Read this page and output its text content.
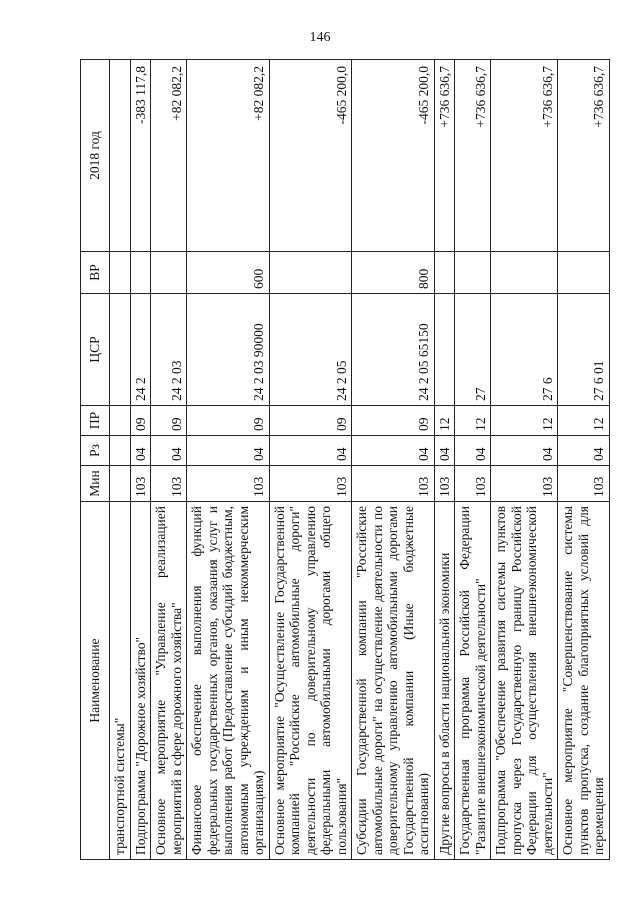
146
Наименование	Мин	Рз	ПР	ЦСР	ВР	2018 год
транспортной системы"						
Подпрограмма "Дорожное хозяйство"	103	04	09	24 2		-383 117,8
Основное мероприятие "Управление реализацией мероприятий в сфере дорожного хозяйства"	103	04	09	24 2 03		+82 082,2
Финансовое обеспечение выполнения функций федеральных государственных органов, оказания услуг и выполнения работ (Предоставление субсидий бюджетным, автономным учреждениям и иным некоммерческим организациям)	103	04	09	24 2 03 90000	600	+82 082,2
Основное мероприятие "Осуществление Государственной компанией "Российские автомобильные дороги" деятельности по доверительному управлению федеральными автомобильными дорогами общего пользования"	103	04	09	24 2 05		-465 200,0
Субсидии Государственной компании "Российские автомобильные дороги" на осуществление деятельности по доверительному управлению автомобильными дорогами Государственной компании (Иные бюджетные ассигнования)	103	04	09	24 2 05 65150	800	-465 200,0
Другие вопросы в области национальной экономики	103	04	12			+736 636,7
Государственная программа Российской Федерации "Развитие внешнеэкономической деятельности"	103	04	12	27		+736 636,7
Подпрограмма "Обеспечение развития системы пунктов пропуска через Государственную границу Российской Федерации для осуществления внешнеэкономической деятельности"	103	04	12	27 6		+736 636,7
Основное мероприятие "Совершенствование системы пунктов пропуска, создание благоприятных условий для перемещения	103	04	12	27 6 01		+736 636,7
